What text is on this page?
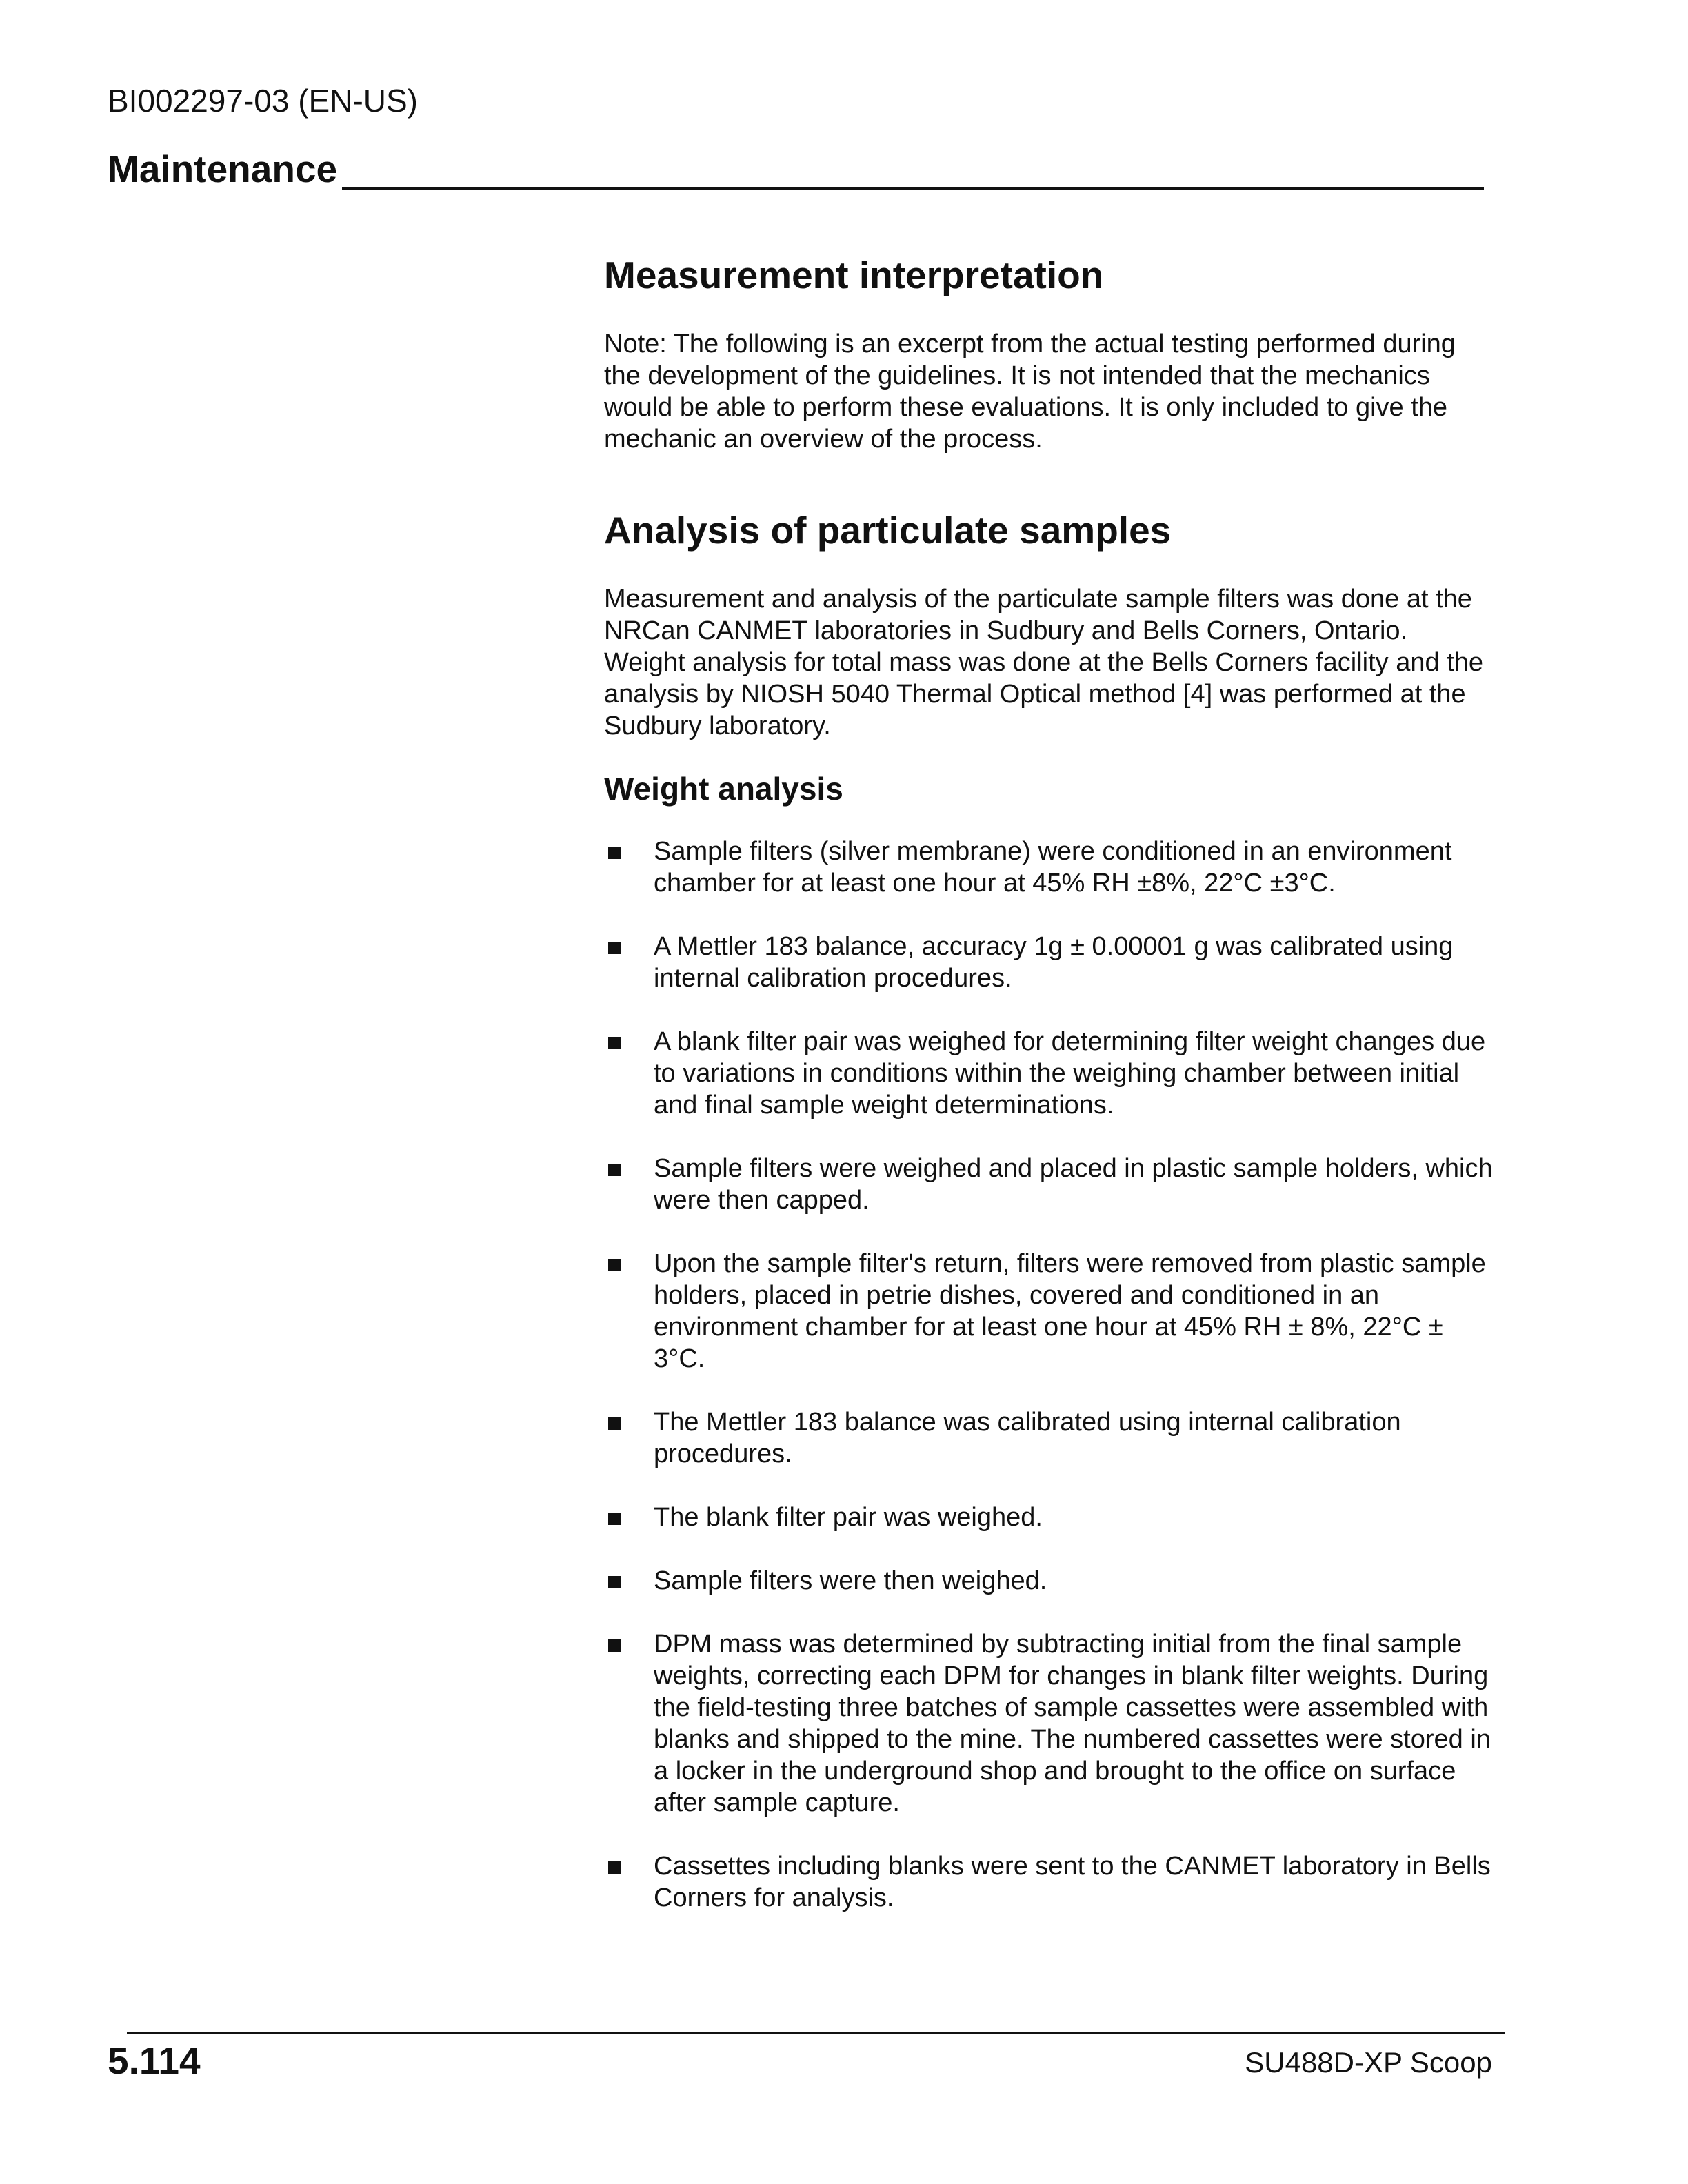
BI002297-03 (EN-US)

Maintenance
Measurement interpretation

Note: The following is an excerpt from the actual testing performed during the development of the guidelines. It is not intended that the mechanics would be able to perform these evaluations. It is only included to give the mechanic an overview of the process.

Analysis of particulate samples

Measurement and analysis of the particulate sample filters was done at the NRCan CANMET laboratories in Sudbury and Bells Corners, Ontario. Weight analysis for total mass was done at the Bells Corners facility and the analysis by NIOSH 5040 Thermal Optical method [4] was performed at the Sudbury laboratory.

Weight analysis
Sample filters (silver membrane) were conditioned in an environment chamber for at least one hour at 45% RH ±8%, 22°C ±3°C.
A Mettler 183 balance, accuracy 1g ± 0.00001 g was calibrated using internal calibration procedures.
A blank filter pair was weighed for determining filter weight changes due to variations in conditions within the weighing chamber between initial and final sample weight determinations.
Sample filters were weighed and placed in plastic sample holders, which were then capped.
Upon the sample filter's return, filters were removed from plastic sample holders, placed in petrie dishes, covered and conditioned in an environment chamber for at least one hour at 45% RH ± 8%, 22°C ± 3°C.
The Mettler 183 balance was calibrated using internal calibration procedures.
The blank filter pair was weighed.
Sample filters were then weighed.
DPM mass was determined by subtracting initial from the final sample weights, correcting each DPM for changes in blank filter weights. During the field-testing three batches of sample cassettes were assembled with blanks and shipped to the mine. The numbered cassettes were stored in a locker in the underground shop and brought to the office on surface after sample capture.
Cassettes including blanks were sent to the CANMET laboratory in Bells Corners for analysis.

5.114	SU488D-XP Scoop
